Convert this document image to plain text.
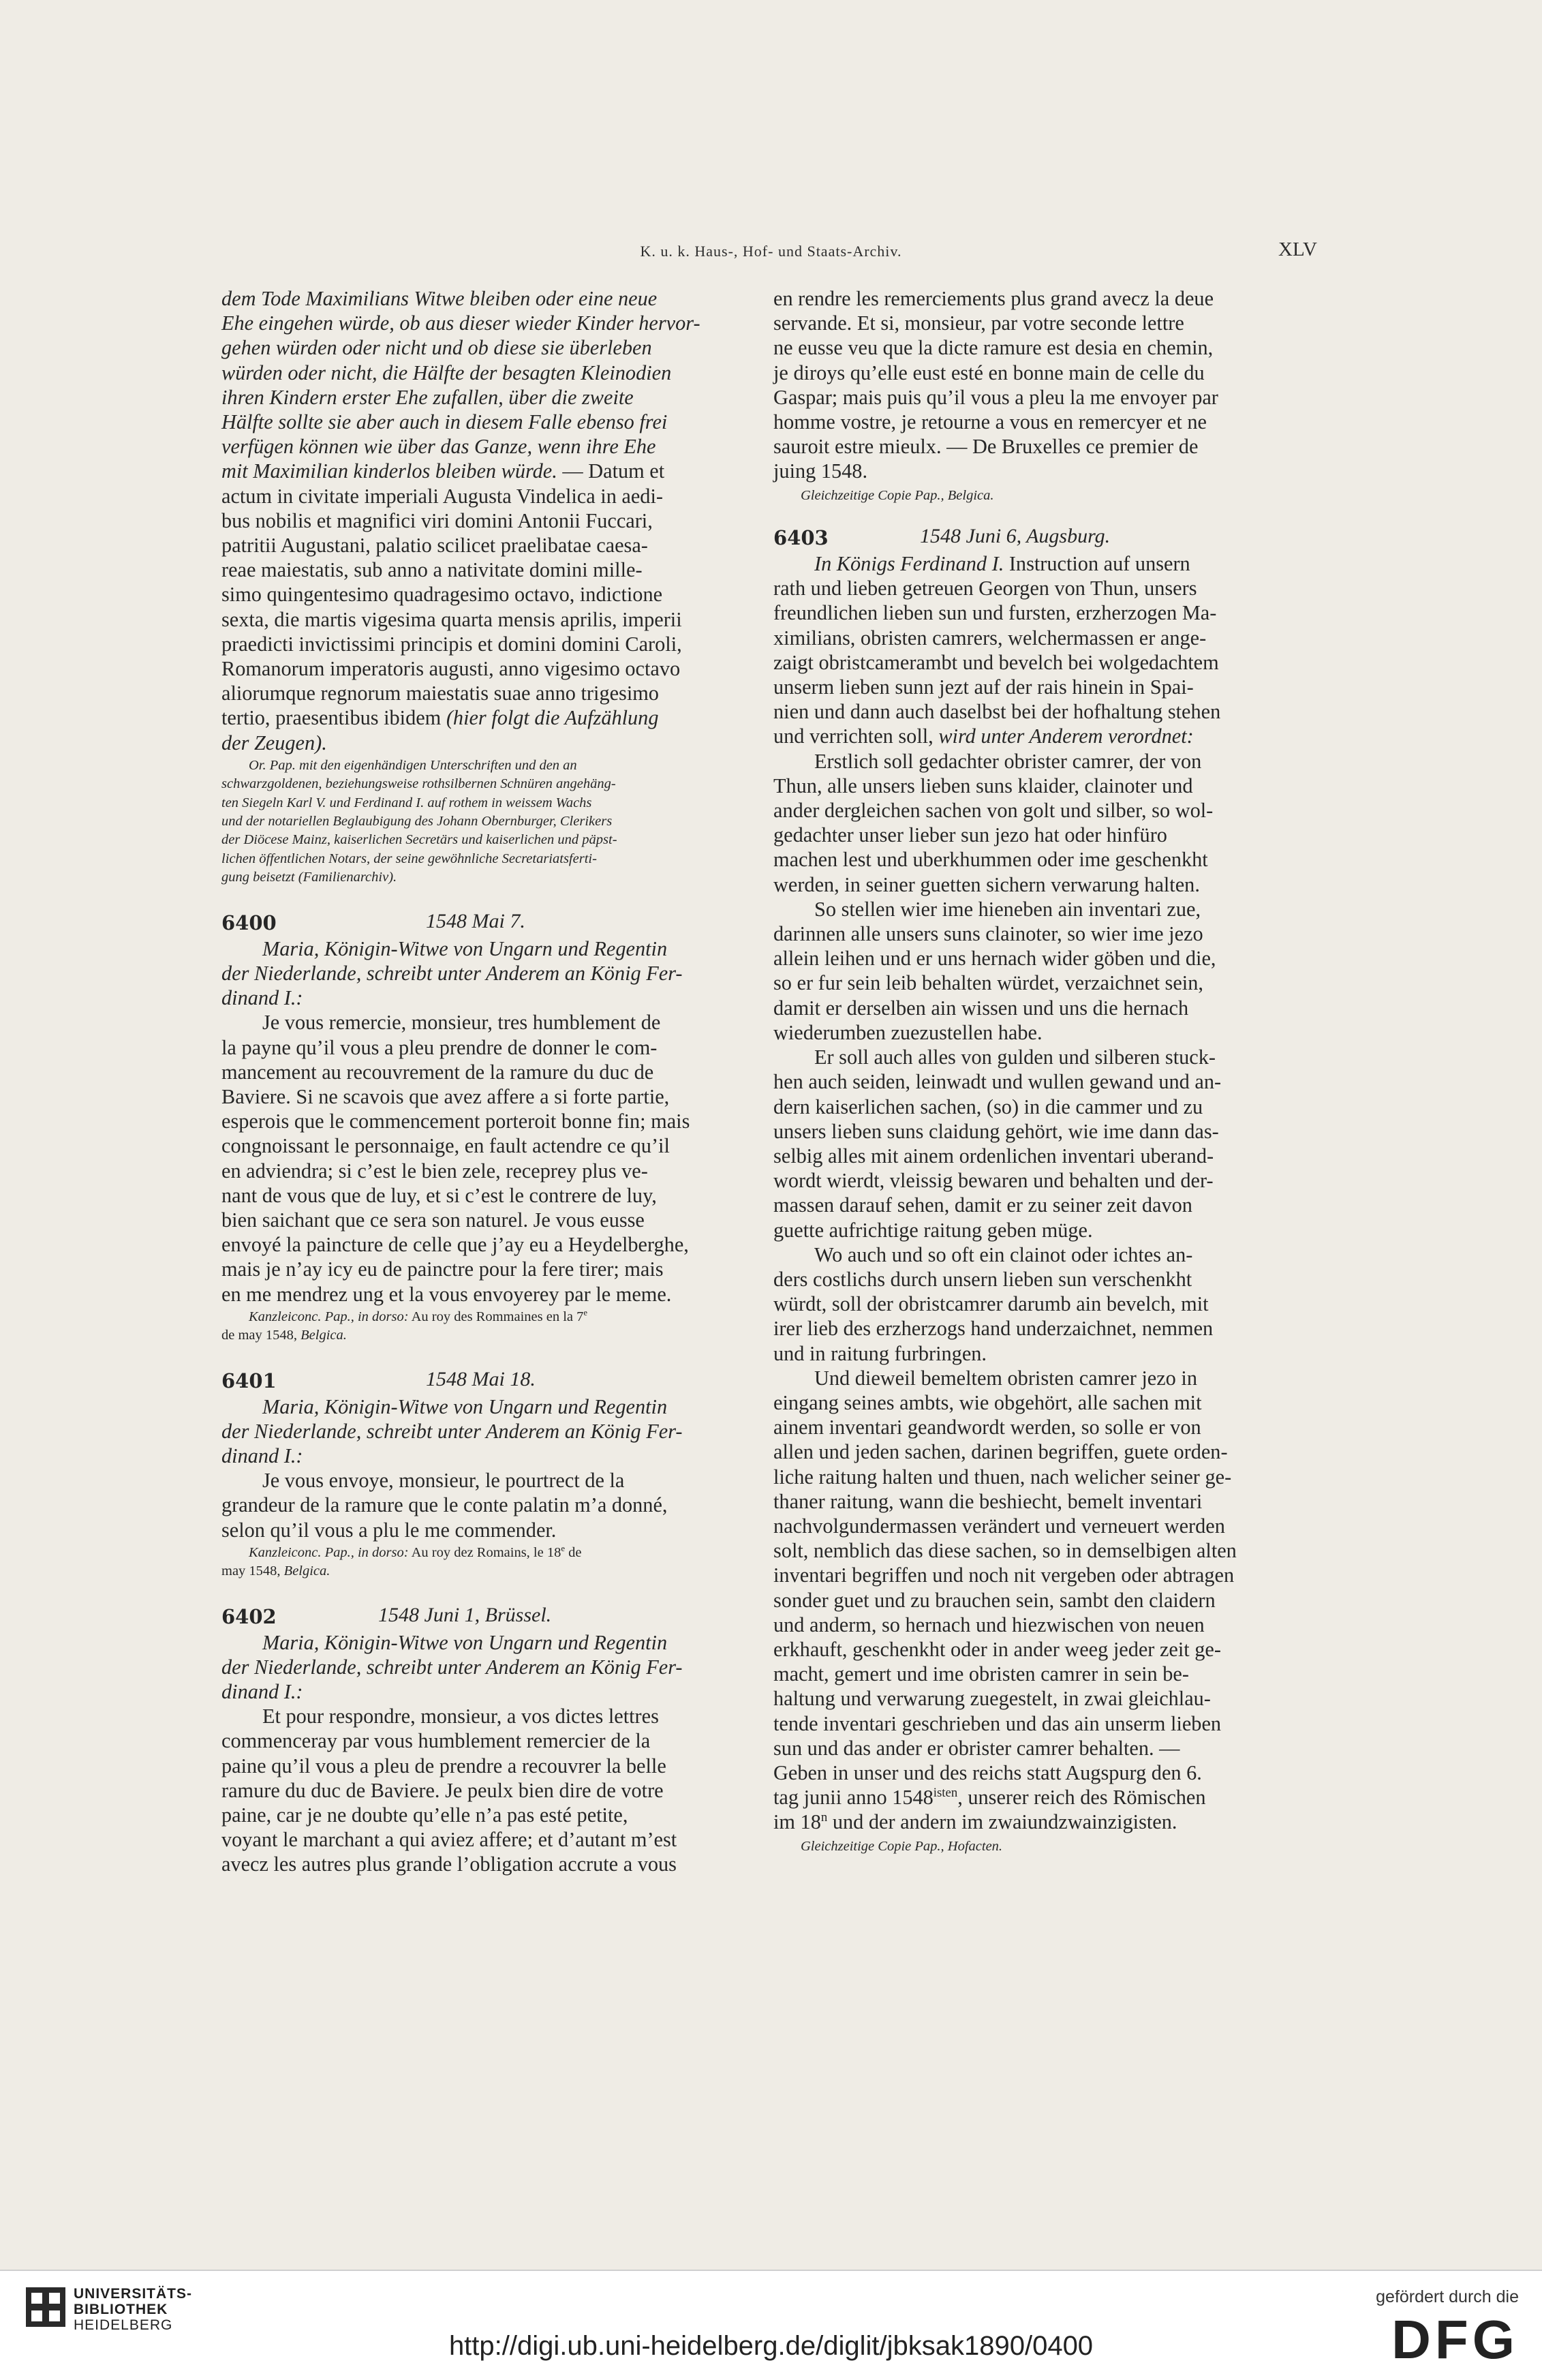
K. u. k. Haus-, Hof- und Staats-Archiv.	XLV

dem Tode Maximilians Witwe bleiben oder eine neue

Ehe eingehen würde, ob aus dieser wieder Kinder hervor-

gehen würden oder nicht und ob diese sie überleben

würden oder nicht, die Hälfte der besagten Kleinodien

ihren Kindern erster Ehe zufallen, über die zweite

Hälfte sollte sie aber auch in diesem Falle ebenso frei

verfügen können wie über das Ganze, wenn ihre Ehe

mit Maximilian kinderlos bleiben würde. — Datum et

actum in civitate imperiali Augusta Vindelica in aedi-

bus nobilis et magnifici viri domini Antonii Fuccari,

patritii Augustani, palatio scilicet praelibatae caesa-

reae maiestatis, sub anno a nativitate domini mille-

simo quingentesimo quadragesimo octavo, indictione

sexta, die martis vigesima quarta mensis aprilis, imperii

praedicti invictissimi principis et domini domini Caroli,

Romanorum imperatoris augusti, anno vigesimo octavo

aliorumque regnorum maiestatis suae anno trigesimo

tertio, praesentibus ibidem (hier folgt die Aufzählung

der Zeugen).

Or. Pap. mit den eigenhändigen Unterschriften und den an

schwarzgoldenen, beziehungsweise rothsilbernen Schnüren angehäng-

ten Siegeln Karl V. und Ferdinand I. auf rothem in weissem Wachs

und der notariellen Beglaubigung des Johann Obernburger, Clerikers

der Diöcese Mainz, kaiserlichen Secretärs und kaiserlichen und päpst-

lichen öffentlichen Notars, der seine gewöhnliche Secretariatsferti-

gung beisetzt (Familienarchiv).

6400	1548 Mai 7.

Maria, Königin-Witwe von Ungarn und Regentin

der Niederlande, schreibt unter Anderem an König Fer-

dinand I.:

Je vous remercie, monsieur, tres humblement de

la payne qu’il vous a pleu prendre de donner le com-

mancement au recouvrement de la ramure du duc de

Baviere. Si ne scavois que avez affere a si forte partie,

esperois que le commencement porteroit bonne fin; mais

congnoissant le personnaige, en fault actendre ce qu’il

en adviendra; si c’est le bien zele, receprey plus ve-

nant de vous que de luy, et si c’est le contrere de luy,

bien saichant que ce sera son naturel. Je vous eusse

envoyé la paincture de celle que j’ay eu a Heydelberghe,

mais je n’ay icy eu de painctre pour la fere tirer; mais

en me mendrez ung et la vous envoyerey par le meme.

Kanzleiconc. Pap., in dorso: Au roy des Rommaines en la 7e

de may 1548, Belgica.

6401	1548 Mai 18.

Maria, Königin-Witwe von Ungarn und Regentin

der Niederlande, schreibt unter Anderem an König Fer-

dinand I.:

Je vous envoye, monsieur, le pourtrect de la

grandeur de la ramure que le conte palatin m’a donné,

selon qu’il vous a plu le me commender.

Kanzleiconc. Pap., in dorso: Au roy dez Romains, le 18e de

may 1548, Belgica.

6402	1548 Juni 1, Brüssel.

Maria, Königin-Witwe von Ungarn und Regentin

der Niederlande, schreibt unter Anderem an König Fer-

dinand I.:

Et pour respondre, monsieur, a vos dictes lettres

commenceray par vous humblement remercier de la

paine qu’il vous a pleu de prendre a recouvrer la belle

ramure du duc de Baviere. Je peulx bien dire de votre

paine, car je ne doubte qu’elle n’a pas esté petite,

voyant le marchant a qui aviez affere; et d’autant m’est

avecz les autres plus grande l’obligation accrute a vous

en rendre les remerciements plus grand avecz la deue

servande. Et si, monsieur, par votre seconde lettre

ne eusse veu que la dicte ramure est desia en chemin,

je diroys qu’elle eust esté en bonne main de celle du

Gaspar; mais puis qu’il vous a pleu la me envoyer par

homme vostre, je retourne a vous en remercyer et ne

sauroit estre mieulx. — De Bruxelles ce premier de

juing 1548.

Gleichzeitige Copie Pap., Belgica.

6403	1548 Juni 6, Augsburg.

In Königs Ferdinand I. Instruction auf unsern

rath und lieben getreuen Georgen von Thun, unsers

freundlichen lieben sun und fursten, erzherzogen Ma-

ximilians, obristen camrers, welchermassen er ange-

zaigt obristcamerambt und bevelch bei wolgedachtem

unserm lieben sunn jezt auf der rais hinein in Spai-

nien und dann auch daselbst bei der hofhaltung stehen

und verrichten soll, wird unter Anderem verordnet:

Erstlich soll gedachter obrister camrer, der von

Thun, alle unsers lieben suns klaider, clainoter und

ander dergleichen sachen von golt und silber, so wol-

gedachter unser lieber sun jezo hat oder hinfüro

machen lest und uberkhummen oder ime geschenkht

werden, in seiner guetten sichern verwarung halten.

So stellen wier ime hieneben ain inventari zue,

darinnen alle unsers suns clainoter, so wier ime jezo

allein leihen und er uns hernach wider göben und die,

so er fur sein leib behalten würdet, verzaichnet sein,

damit er derselben ain wissen und uns die hernach

wiederumben zuezustellen habe.

Er soll auch alles von gulden und silberen stuck-

hen auch seiden, leinwadt und wullen gewand und an-

dern kaiserlichen sachen, (so) in die cammer und zu

unsers lieben suns claidung gehört, wie ime dann das-

selbig alles mit ainem ordenlichen inventari uberand-

wordt wierdt, vleissig bewaren und behalten und der-

massen darauf sehen, damit er zu seiner zeit davon

guette aufrichtige raitung geben müge.

Wo auch und so oft ein clainot oder ichtes an-

ders costlichs durch unsern lieben sun verschenkht

würdt, soll der obristcamrer darumb ain bevelch, mit

irer lieb des erzherzogs hand underzaichnet, nemmen

und in raitung furbringen.

Und dieweil bemeltem obristen camrer jezo in

eingang seines ambts, wie obgehört, alle sachen mit

ainem inventari geandwordt werden, so solle er von

allen und jeden sachen, darinen begriffen, guete orden-

liche raitung halten und thuen, nach welicher seiner ge-

thaner raitung, wann die beshiecht, bemelt inventari

nachvolgundermassen verändert und verneuert werden

solt, nemblich das diese sachen, so in demselbigen alten

inventari begriffen und noch nit vergeben oder abtragen

sonder guet und zu brauchen sein, sambt den claidern

und anderm, so hernach und hiezwischen von neuen

erkhauft, geschenkht oder in ander weeg jeder zeit ge-

macht, gemert und ime obristen camrer in sein be-

haltung und verwarung zuegestelt, in zwai gleichlau-

tende inventari geschrieben und das ain unserm lieben

sun und das ander er obrister camrer behalten. —

Geben in unser und des reichs statt Augspurg den 6.

tag junii anno $1548^{isten}$, unserer reich des Römischen

im 18$^n$ und der andern im zwaiundzwainzigisten.

Gleichzeitige Copie Pap., Hofacten.

UNIVERSITÄTS-
BIBLIOTHEK
HEIDELBERG
http://digi.ub.uni-heidelberg.de/diglit/jbksak1890/0400
gefördert durch die
DFG
